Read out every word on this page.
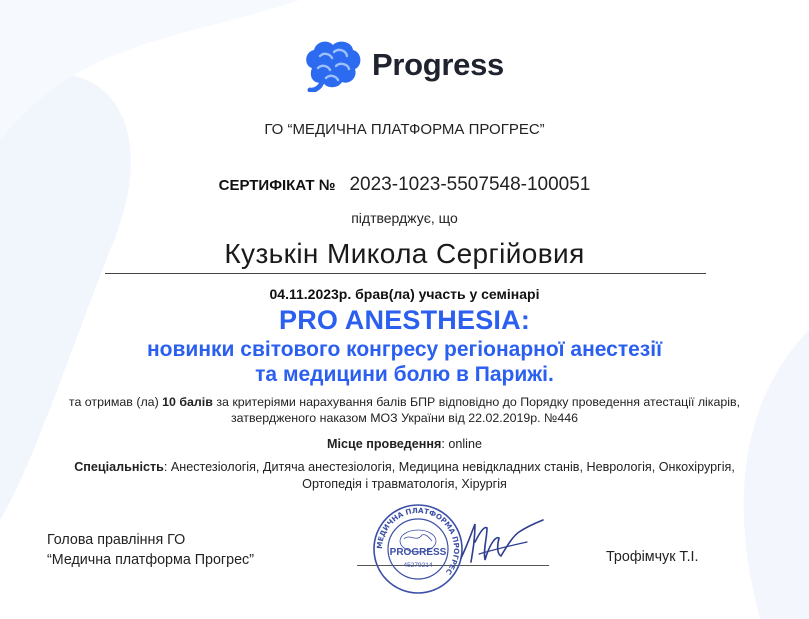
Progress
ГО “МЕДИЧНА ПЛАТФОРМА ПРОГРЕС”
СЕРТИФІКАТ № 2023-1023-5507548-100051
підтверджує, що
Кузькін Микола Сергійовия
04.11.2023р. брав(ла) участь у семінарі
PRO ANESTHESIA:
новинки світового конгресу регіонарної анестезії
та медицини болю в Парижі.
та отримав (ла) 10 балів за критеріями нарахування балів БПР відповідно до Порядку проведення атестації лікарів, затвердженого наказом МОЗ України від 22.02.2019р. №446
Місце проведення: online
Спеціальність: Анестезіологія, Дитяча анестезіологія, Медицина невідкладних станів, Неврологія, Онкохірургія, Ортопедія і травматологія, Хірургія
Голова правління ГО
“Медична платформа Прогрес”
МЕДИЧНА ПЛАТФОРМА ПРОГРЕС
PROGRESS
45279214
Трофімчук Т.І.
